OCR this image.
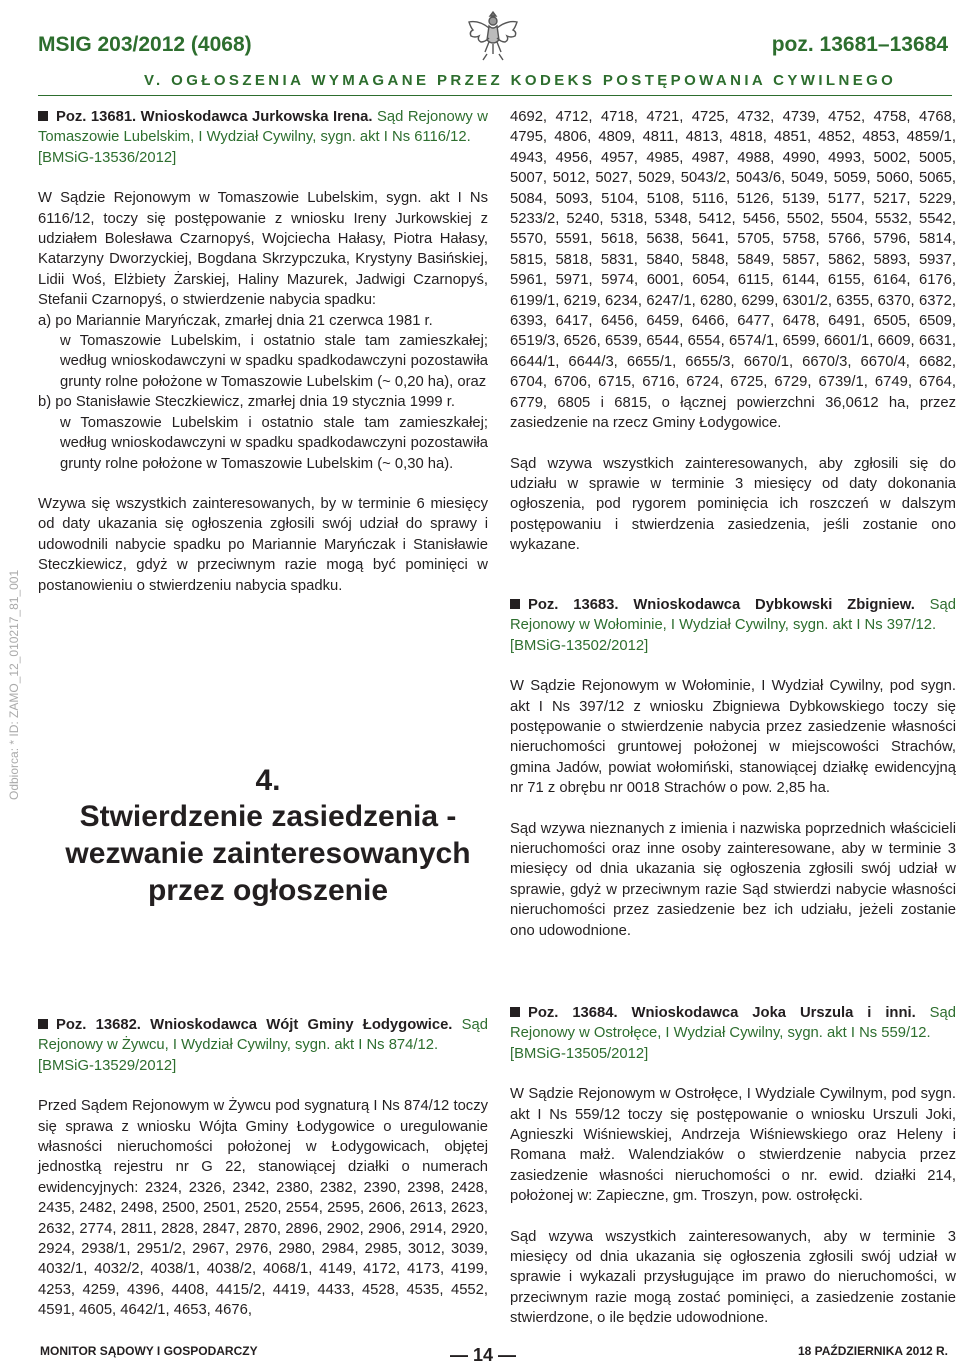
MSIG 203/2012 (4068)	poz. 13681–13684
V. OGŁOSZENIA WYMAGANE PRZEZ KODEKS POSTĘPOWANIA CYWILNEGO
Odbiorca: * ID: ZAMO_12_010217_81_001

Poz. 13681. Wnioskodawca Jurkowska Irena. Sąd Rejonowy w Tomaszowie Lubelskim, I Wydział Cywilny, sygn. akt I Ns 6116/12.

[BMSiG-13536/2012]

W Sądzie Rejonowym w Tomaszowie Lubelskim, sygn. akt I Ns 6116/12, toczy się postępowanie z wniosku Ireny Jurkowskiej z udziałem Bolesława Czarnopyś, Wojciecha Hałasy, Piotra Hałasy, Katarzyny Dworzyckiej, Bogdana Skrzypczuka, Krystyny Basińskiej, Lidii Woś, Elżbiety Żarskiej, Haliny Mazurek, Jadwigi Czarnopyś, Stefanii Czarnopyś, o stwierdzenie nabycia spadku:

a) po Mariannie Maryńczak, zmarłej dnia 21 czerwca 1981 r.

w Tomaszowie Lubelskim, i ostatnio stale tam zamieszkałej; według wnioskodawczyni w spadku spadkodawczyni pozostawiła grunty rolne położone w Tomaszowie Lubelskim (~ 0,20 ha), oraz

b) po Stanisławie Steczkiewicz, zmarłej dnia 19 stycznia 1999 r.

w Tomaszowie Lubelskim i ostatnio stale tam zamieszkałej; według wnioskodawczyni w spadku spadkodawczyni pozostawiła grunty rolne położone w Tomaszowie Lubelskim (~ 0,30 ha).

Wzywa się wszystkich zainteresowanych, by w terminie 6 miesięcy od daty ukazania się ogłoszenia zgłosili swój udział do sprawy i udowodnili nabycie spadku po Mariannie Maryńczak i Stanisławie Steczkiewicz, gdyż w przeciwnym razie mogą być pominięci w postanowieniu o stwierdzeniu nabycia spadku.

4.
Stwierdzenie zasiedzenia -
wezwanie zainteresowanych
przez ogłoszenie

Poz. 13682. Wnioskodawca Wójt Gminy Łodygowice. Sąd Rejonowy w Żywcu, I Wydział Cywilny, sygn. akt I Ns 874/12.

[BMSiG-13529/2012]

Przed Sądem Rejonowym w Żywcu pod sygnaturą I Ns 874/12 toczy się sprawa z wniosku Wójta Gminy Łodygowice o uregulowanie własności nieruchomości położonej w Łodygowicach, objętej jednostką rejestru nr G 22, stanowiącej działki o numerach ewidencyjnych: 2324, 2326, 2342, 2380, 2382, 2390, 2398, 2428, 2435, 2482, 2498, 2500, 2501, 2520, 2554, 2595, 2606, 2613, 2623, 2632, 2774, 2811, 2828, 2847, 2870, 2896, 2902, 2906, 2914, 2920, 2924, 2938/1, 2951/2, 2967, 2976, 2980, 2984, 2985, 3012, 3039, 4032/1, 4032/2, 4038/1, 4038/2, 4068/1, 4149, 4172, 4173, 4199, 4253, 4259, 4396, 4408, 4415/2, 4419, 4433, 4528, 4535, 4552, 4591, 4605, 4642/1, 4653, 4676,

4692, 4712, 4718, 4721, 4725, 4732, 4739, 4752, 4758, 4768, 4795, 4806, 4809, 4811, 4813, 4818, 4851, 4852, 4853, 4859/1, 4943, 4956, 4957, 4985, 4987, 4988, 4990, 4993, 5002, 5005, 5007, 5012, 5027, 5029, 5043/2, 5043/6, 5049, 5059, 5060, 5065, 5084, 5093, 5104, 5108, 5116, 5126, 5139, 5177, 5217, 5229, 5233/2, 5240, 5318, 5348, 5412, 5456, 5502, 5504, 5532, 5542, 5570, 5591, 5618, 5638, 5641, 5705, 5758, 5766, 5796, 5814, 5815, 5818, 5831, 5840, 5848, 5849, 5857, 5862, 5893, 5937, 5961, 5971, 5974, 6001, 6054, 6115, 6144, 6155, 6164, 6176, 6199/1, 6219, 6234, 6247/1, 6280, 6299, 6301/2, 6355, 6370, 6372, 6393, 6417, 6456, 6459, 6466, 6477, 6478, 6491, 6505, 6509, 6519/3, 6526, 6539, 6544, 6554, 6574/1, 6599, 6601/1, 6609, 6631, 6644/1, 6644/3, 6655/1, 6655/3, 6670/1, 6670/3, 6670/4, 6682, 6704, 6706, 6715, 6716, 6724, 6725, 6729, 6739/1, 6749, 6764, 6779, 6805 i 6815, o łącznej powierzchni 36,0612 ha, przez zasiedzenie na rzecz Gminy Łodygowice.

Sąd wzywa wszystkich zainteresowanych, aby zgłosili się do udziału w sprawie w terminie 3 miesięcy od daty dokonania ogłoszenia, pod rygorem pominięcia ich roszczeń w dalszym postępowaniu i stwierdzenia zasiedzenia, jeśli zostanie ono wykazane.

Poz. 13683. Wnioskodawca Dybkowski Zbigniew. Sąd Rejonowy w Wołominie, I Wydział Cywilny, sygn. akt I Ns 397/12.

[BMSiG-13502/2012]

W Sądzie Rejonowym w Wołominie, I Wydział Cywilny, pod sygn. akt I Ns 397/12 z wniosku Zbigniewa Dybkowskiego toczy się postępowanie o stwierdzenie nabycia przez zasiedzenie własności nieruchomości gruntowej położonej w miejscowości Strachów, gmina Jadów, powiat wołomiński, stanowiącej działkę ewidencyjną nr 71 z obrębu nr 0018 Strachów o pow. 2,85 ha.

Sąd wzywa nieznanych z imienia i nazwiska poprzednich właścicieli nieruchomości oraz inne osoby zainteresowane, aby w terminie 3 miesięcy od dnia ukazania się ogłoszenia zgłosili swój udział w sprawie, gdyż w przeciwnym razie Sąd stwierdzi nabycie własności nieruchomości przez zasiedzenie bez ich udziału, jeżeli zostanie ono udowodnione.

Poz. 13684. Wnioskodawca Joka Urszula i inni. Sąd Rejonowy w Ostrołęce, I Wydział Cywilny, sygn. akt I Ns 559/12.

[BMSiG-13505/2012]

W Sądzie Rejonowym w Ostrołęce, I Wydziale Cywilnym, pod sygn. akt I Ns 559/12 toczy się postępowanie o wniosku Urszuli Joki, Agnieszki Wiśniewskiej, Andrzeja Wiśniewskiego oraz Heleny i Romana małż. Walendziaków o stwierdzenie nabycia przez zasiedzenie własności nieruchomości o nr. ewid. działki 214, położonej w: Zapieczne, gm. Troszyn, pow. ostrołęcki.

Sąd wzywa wszystkich zainteresowanych, aby w terminie 3 miesięcy od dnia ukazania się ogłoszenia zgłosili swój udział w sprawie i wykazali przysługujące im prawo do nieruchomości, w przeciwnym razie mogą zostać pominięci, a zasiedzenie zostanie stwierdzone, o ile będzie udowodnione.

MONITOR SĄDOWY I GOSPODARCZY	— 14 —	18 PAŹDZIERNIKA 2012 R.
